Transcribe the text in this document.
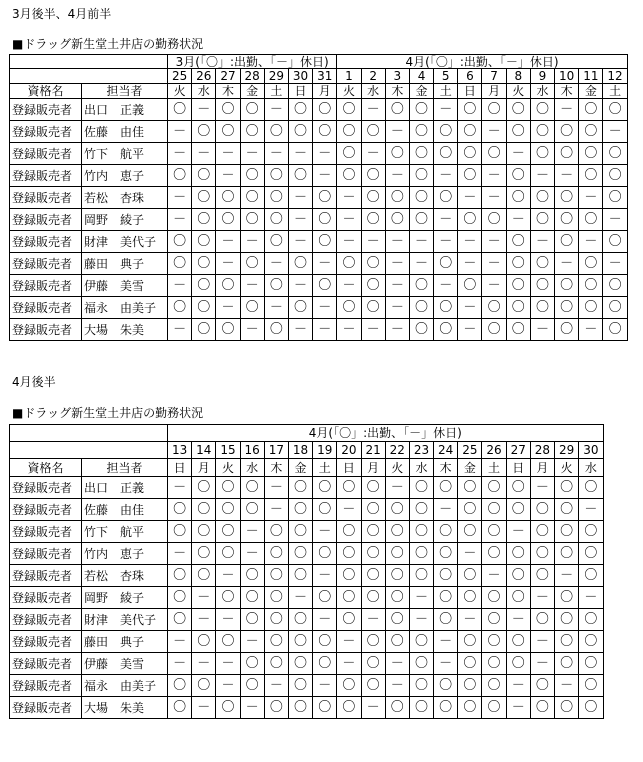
3月後半、4月前半
■ドラッグ新生堂土井店の勤務状況
		3月(「〇」:出勤、「－」休日)							4月(「〇」:出勤、「－」休日)											
		25	26	27	28	29	30	31	1	2	3	4	5	6	7	8	9	10	11	12
資格名	担当者	火	水	木	金	土	日	月	火	水	木	金	土	日	月	火	水	木	金	土
登録販売者	出口　正義	〇	－	〇	〇	－	〇	〇	〇	－	〇	〇	－	〇	〇	〇	〇	－	〇	〇
登録販売者	佐藤　由佳	－	〇	〇	〇	〇	〇	〇	〇	〇	－	〇	〇	〇	－	〇	〇	〇	〇	－
登録販売者	竹下　航平	－	－	－	－	－	－	－	〇	－	〇	〇	〇	〇	〇	－	〇	〇	〇	〇
登録販売者	竹内　恵子	〇	〇	－	〇	〇	〇	－	〇	〇	－	〇	－	〇	－	〇	－	－	〇	〇
登録販売者	若松　杏珠	－	〇	〇	〇	〇	－	〇	－	〇	〇	〇	〇	－	－	〇	〇	〇	－	〇
登録販売者	岡野　綾子	－	〇	〇	〇	〇	－	〇	－	〇	〇	〇	－	〇	〇	－	〇	〇	〇	－
登録販売者	財津　美代子	〇	〇	－	－	〇	－	〇	－	－	－	－	－	－	－	〇	－	〇	－	〇
登録販売者	藤田　典子	〇	〇	－	〇	－	〇	－	〇	〇	－	－	〇	－	－	〇	〇	－	〇	－
登録販売者	伊藤　美雪	－	〇	〇	－	〇	－	〇	－	〇	－	〇	－	〇	－	〇	〇	〇	〇	〇
登録販売者	福永　由美子	〇	〇	－	〇	－	〇	－	〇	〇	－	〇	〇	－	〇	〇	〇	〇	〇	〇
登録販売者	大場　朱美	－	〇	〇	－	〇	－	－	－	－	－	〇	〇	－	〇	〇	－	〇	－	〇
4月後半
■ドラッグ新生堂土井店の勤務状況
		4月(「〇」:出勤、「－」休日)																	
		13	14	15	16	17	18	19	20	21	22	23	24	25	26	27	28	29	30
資格名	担当者	日	月	火	水	木	金	土	日	月	火	水	木	金	土	日	月	火	水
登録販売者	出口　正義	－	〇	〇	〇	－	〇	〇	〇	〇	－	〇	〇	〇	〇	〇	－	〇	〇
登録販売者	佐藤　由佳	〇	〇	〇	〇	－	〇	〇	－	〇	〇	〇	－	〇	〇	〇	〇	〇	－
登録販売者	竹下　航平	〇	〇	〇	－	〇	〇	－	〇	〇	〇	〇	〇	〇	〇	－	〇	〇	〇
登録販売者	竹内　恵子	－	〇	〇	－	〇	〇	〇	〇	〇	〇	〇	〇	－	〇	〇	〇	〇	〇
登録販売者	若松　杏珠	〇	〇	－	〇	〇	〇	－	〇	〇	〇	〇	〇	〇	－	〇	〇	－	〇
登録販売者	岡野　綾子	〇	－	〇	〇	〇	－	〇	〇	〇	〇	－	〇	〇	〇	〇	－	〇	－
登録販売者	財津　美代子	〇	－	－	〇	〇	〇	－	〇	－	〇	－	〇	－	〇	－	〇	〇	〇
登録販売者	藤田　典子	－	〇	〇	－	〇	〇	〇	－	〇	〇	〇	－	〇	〇	〇	－	〇	〇
登録販売者	伊藤　美雪	－	－	－	〇	〇	〇	〇	－	〇	－	〇	－	〇	〇	〇	－	〇	〇
登録販売者	福永　由美子	〇	〇	－	〇	－	〇	－	〇	〇	－	〇	〇	〇	〇	－	〇	－	〇
登録販売者	大場　朱美	〇	－	〇	－	〇	〇	〇	〇	－	〇	〇	〇	〇	〇	－	〇	〇	〇
